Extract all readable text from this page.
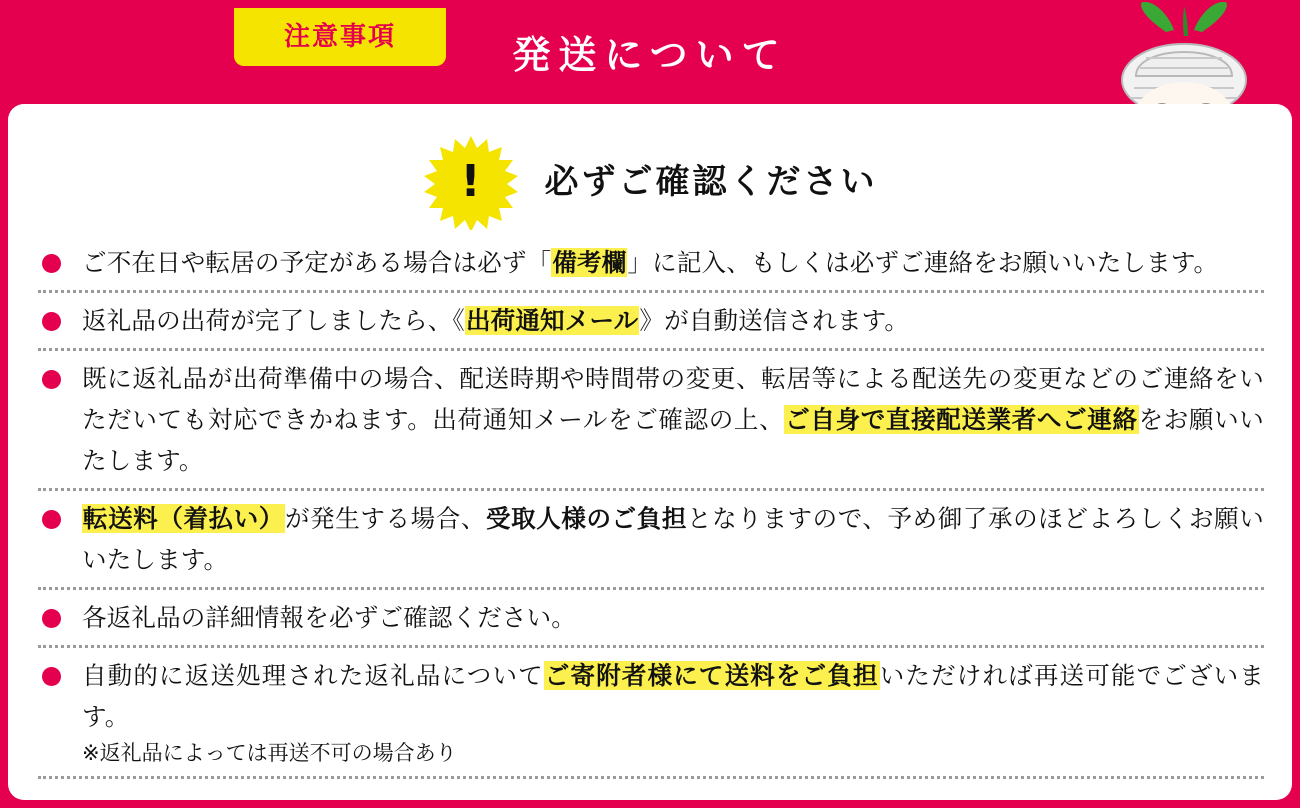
注意事項	発送について
!	必ずご確認ください
ご不在日や転居の予定がある場合は必ず「備考欄」に記入、もしくは必ずご連絡をお願いいたします。
返礼品の出荷が完了しましたら、《出荷通知メール》が自動送信されます。
既に返礼品が出荷準備中の場合、配送時期や時間帯の変更、転居等による配送先の変更などのご連絡をいただいても対応できかねます。出荷通知メールをご確認の上、ご自身で直接配送業者へご連絡をお願いいたします。
転送料（着払い）が発生する場合、受取人様のご負担となりますので、予め御了承のほどよろしくお願いいたします。
各返礼品の詳細情報を必ずご確認ください。
自動的に返送処理された返礼品についてご寄附者様にて送料をご負担いただければ再送可能でございます。
※返礼品によっては再送不可の場合あり
